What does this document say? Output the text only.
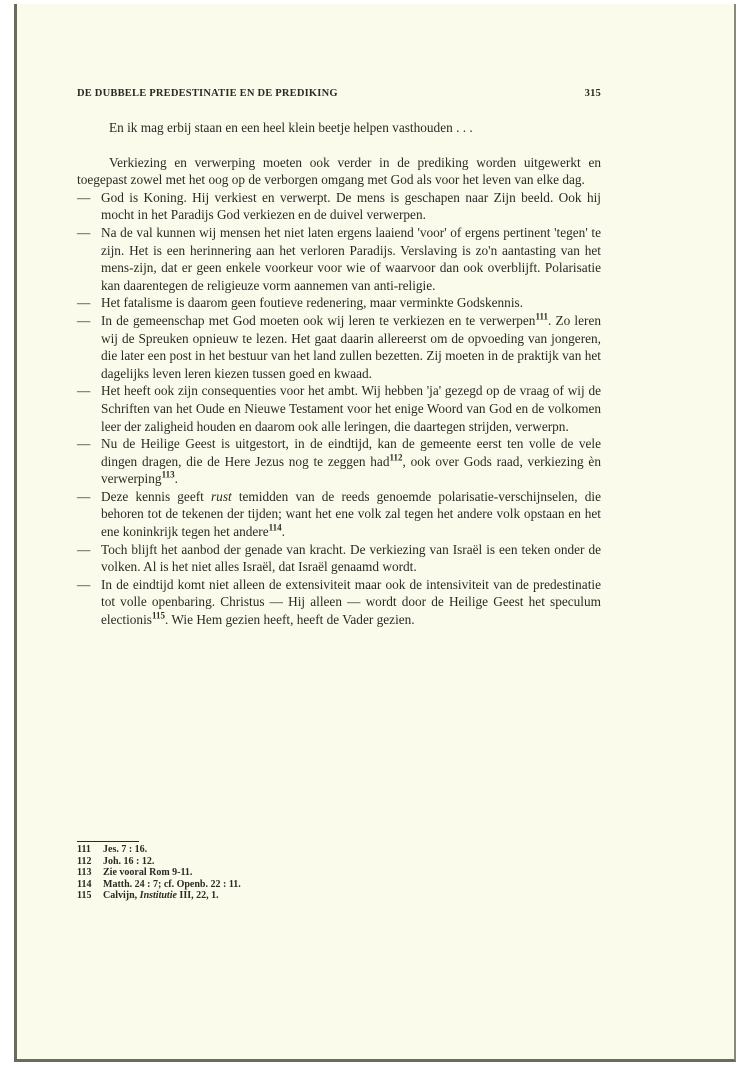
DE DUBBELE PREDESTINATIE EN DE PREDIKING	315

En ik mag erbij staan en een heel klein beetje helpen vasthouden . . .

Verkiezing en verwerping moeten ook verder in de prediking worden uitgewerkt en toegepast zowel met het oog op de verborgen omgang met God als voor het leven van elke dag.

— God is Koning. Hij verkiest en verwerpt. De mens is geschapen naar Zijn beeld. Ook hij mocht in het Paradijs God verkiezen en de duivel verwerpen.
— Na de val kunnen wij mensen het niet laten ergens laaiend 'voor' of ergens pertinent 'tegen' te zijn. Het is een herinnering aan het verloren Paradijs. Verslaving is zo'n aantasting van het mens-zijn, dat er geen enkele voorkeur voor wie of waarvoor dan ook overblijft. Polarisatie kan daarentegen de religieuze vorm aannemen van anti-religie.
— Het fatalisme is daarom geen foutieve redenering, maar verminkte Godskennis.
— In de gemeenschap met God moeten ook wij leren te verkiezen en te verwerpen$^{111}$. Zo leren wij de Spreuken opnieuw te lezen. Het gaat daarin allereerst om de opvoeding van jongeren, die later een post in het bestuur van het land zullen bezetten. Zij moeten in de praktijk van het dagelijks leven leren kiezen tussen goed en kwaad.
— Het heeft ook zijn consequenties voor het ambt. Wij hebben 'ja' gezegd op de vraag of wij de Schriften van het Oude en Nieuwe Testament voor het enige Woord van God en de volkomen leer der zaligheid houden en daarom ook alle leringen, die daartegen strijden, verwerpn.
— Nu de Heilige Geest is uitgestort, in de eindtijd, kan de gemeente eerst ten volle de vele dingen dragen, die de Here Jezus nog te zeggen had$^{112}$, ook over Gods raad, verkiezing èn verwerping$^{113}$.
— Deze kennis geeft rust temidden van de reeds genoemde polarisatie-verschijnselen, die behoren tot de tekenen der tijden; want het ene volk zal tegen het andere volk opstaan en het ene koninkrijk tegen het andere$^{114}$.
— Toch blijft het aanbod der genade van kracht. De verkiezing van Israël is een teken onder de volken. Al is het niet alles Israël, dat Israël genaamd wordt.
— In de eindtijd komt niet alleen de extensiviteit maar ook de intensiviteit van de predestinatie tot volle openbaring. Christus — Hij alleen — wordt door de Heilige Geest het speculum electionis$^{115}$. Wie Hem gezien heeft, heeft de Vader gezien.
111	Jes. 7 : 16.
112	Joh. 16 : 12.
113	Zie vooral Rom 9-11.
114	Matth. 24 : 7; cf. Openb. 22 : 11.
115	Calvijn, Institutie III, 22, 1.
